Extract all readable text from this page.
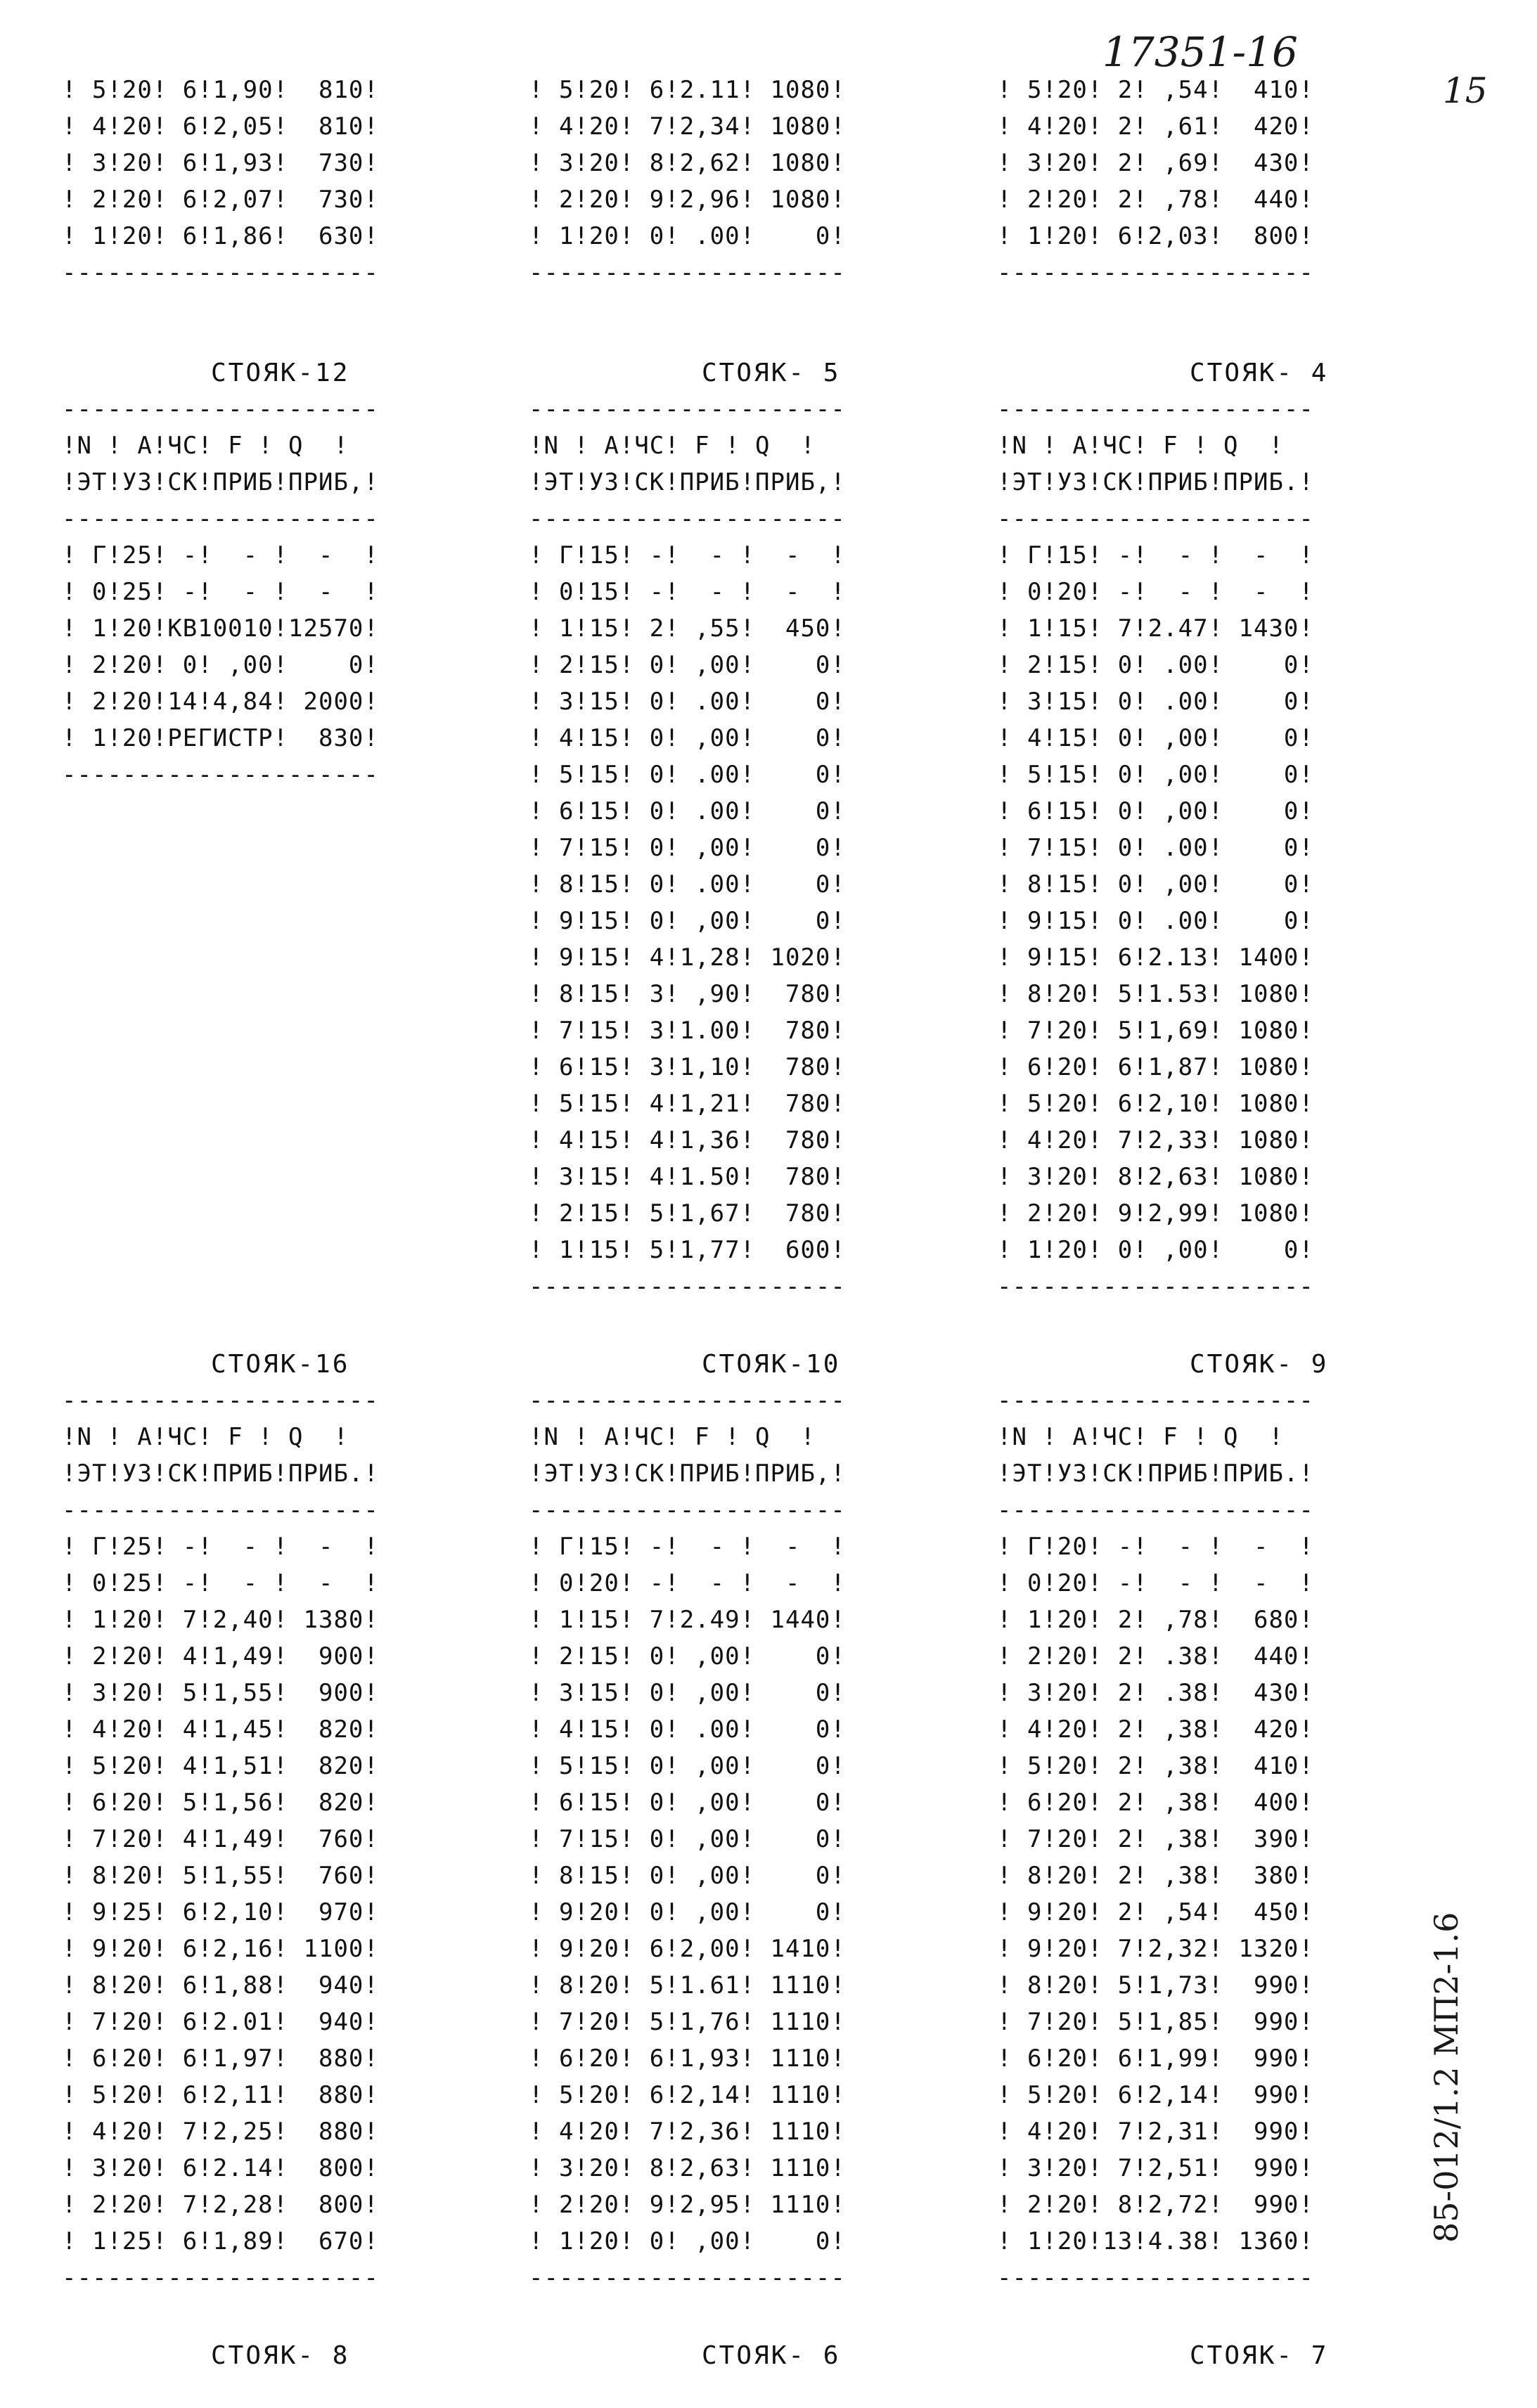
17351-16
15
85-012/1.2 МП2-1.6
! 5!20! 6!1,90!  810!
! 4!20! 6!2,05!  810!
! 3!20! 6!1,93!  730!
! 2!20! 6!2,07!  730!
! 1!20! 6!1,86!  630!
---------------------
! 5!20! 6!2.11! 1080!
! 4!20! 7!2,34! 1080!
! 3!20! 8!2,62! 1080!
! 2!20! 9!2,96! 1080!
! 1!20! 0! .00!    0!
---------------------
! 5!20! 2! ,54!  410!
! 4!20! 2! ,61!  420!
! 3!20! 2! ,69!  430!
! 2!20! 2! ,78!  440!
! 1!20! 6!2,03!  800!
---------------------
СТОЯК-12	СТОЯК- 5	СТОЯК- 4
---------------------
!N ! А!ЧС! F ! Q  !
!ЭТ!УЗ!СК!ПРИБ!ПРИБ,!
---------------------
! Г!25! -!  - !  -  !
! 0!25! -!  - !  -  !
! 1!20!КВ10010!12570!
! 2!20! 0! ,00!    0!
! 2!20!14!4,84! 2000!
! 1!20!РЕГИСТР!  830!
---------------------
---------------------
!N ! А!ЧС! F ! Q  !
!ЭТ!УЗ!СК!ПРИБ!ПРИБ,!
---------------------
! Г!15! -!  - !  -  !
! 0!15! -!  - !  -  !
! 1!15! 2! ,55!  450!
! 2!15! 0! ,00!    0!
! 3!15! 0! .00!    0!
! 4!15! 0! ,00!    0!
! 5!15! 0! .00!    0!
! 6!15! 0! .00!    0!
! 7!15! 0! ,00!    0!
! 8!15! 0! .00!    0!
! 9!15! 0! ,00!    0!
! 9!15! 4!1,28! 1020!
! 8!15! 3! ,90!  780!
! 7!15! 3!1.00!  780!
! 6!15! 3!1,10!  780!
! 5!15! 4!1,21!  780!
! 4!15! 4!1,36!  780!
! 3!15! 4!1.50!  780!
! 2!15! 5!1,67!  780!
! 1!15! 5!1,77!  600!
---------------------
---------------------
!N ! А!ЧС! F ! Q  !
!ЭТ!УЗ!СК!ПРИБ!ПРИБ.!
---------------------
! Г!15! -!  - !  -  !
! 0!20! -!  - !  -  !
! 1!15! 7!2.47! 1430!
! 2!15! 0! .00!    0!
! 3!15! 0! .00!    0!
! 4!15! 0! ,00!    0!
! 5!15! 0! ,00!    0!
! 6!15! 0! ,00!    0!
! 7!15! 0! .00!    0!
! 8!15! 0! ,00!    0!
! 9!15! 0! .00!    0!
! 9!15! 6!2.13! 1400!
! 8!20! 5!1.53! 1080!
! 7!20! 5!1,69! 1080!
! 6!20! 6!1,87! 1080!
! 5!20! 6!2,10! 1080!
! 4!20! 7!2,33! 1080!
! 3!20! 8!2,63! 1080!
! 2!20! 9!2,99! 1080!
! 1!20! 0! ,00!    0!
---------------------
СТОЯК-16	СТОЯК-10	СТОЯК- 9
---------------------
!N ! А!ЧС! F ! Q  !
!ЭТ!УЗ!СК!ПРИБ!ПРИБ.!
---------------------
! Г!25! -!  - !  -  !
! 0!25! -!  - !  -  !
! 1!20! 7!2,40! 1380!
! 2!20! 4!1,49!  900!
! 3!20! 5!1,55!  900!
! 4!20! 4!1,45!  820!
! 5!20! 4!1,51!  820!
! 6!20! 5!1,56!  820!
! 7!20! 4!1,49!  760!
! 8!20! 5!1,55!  760!
! 9!25! 6!2,10!  970!
! 9!20! 6!2,16! 1100!
! 8!20! 6!1,88!  940!
! 7!20! 6!2.01!  940!
! 6!20! 6!1,97!  880!
! 5!20! 6!2,11!  880!
! 4!20! 7!2,25!  880!
! 3!20! 6!2.14!  800!
! 2!20! 7!2,28!  800!
! 1!25! 6!1,89!  670!
---------------------
---------------------
!N ! А!ЧС! F ! Q  !
!ЭТ!УЗ!СК!ПРИБ!ПРИБ,!
---------------------
! Г!15! -!  - !  -  !
! 0!20! -!  - !  -  !
! 1!15! 7!2.49! 1440!
! 2!15! 0! ,00!    0!
! 3!15! 0! ,00!    0!
! 4!15! 0! .00!    0!
! 5!15! 0! ,00!    0!
! 6!15! 0! ,00!    0!
! 7!15! 0! ,00!    0!
! 8!15! 0! ,00!    0!
! 9!20! 0! ,00!    0!
! 9!20! 6!2,00! 1410!
! 8!20! 5!1.61! 1110!
! 7!20! 5!1,76! 1110!
! 6!20! 6!1,93! 1110!
! 5!20! 6!2,14! 1110!
! 4!20! 7!2,36! 1110!
! 3!20! 8!2,63! 1110!
! 2!20! 9!2,95! 1110!
! 1!20! 0! ,00!    0!
---------------------
---------------------
!N ! А!ЧС! F ! Q  !
!ЭТ!УЗ!СК!ПРИБ!ПРИБ.!
---------------------
! Г!20! -!  - !  -  !
! 0!20! -!  - !  -  !
! 1!20! 2! ,78!  680!
! 2!20! 2! .38!  440!
! 3!20! 2! .38!  430!
! 4!20! 2! ,38!  420!
! 5!20! 2! ,38!  410!
! 6!20! 2! ,38!  400!
! 7!20! 2! ,38!  390!
! 8!20! 2! ,38!  380!
! 9!20! 2! ,54!  450!
! 9!20! 7!2,32! 1320!
! 8!20! 5!1,73!  990!
! 7!20! 5!1,85!  990!
! 6!20! 6!1,99!  990!
! 5!20! 6!2,14!  990!
! 4!20! 7!2,31!  990!
! 3!20! 7!2,51!  990!
! 2!20! 8!2,72!  990!
! 1!20!13!4.38! 1360!
---------------------
СТОЯК- 8	СТОЯК- 6	СТОЯК- 7
